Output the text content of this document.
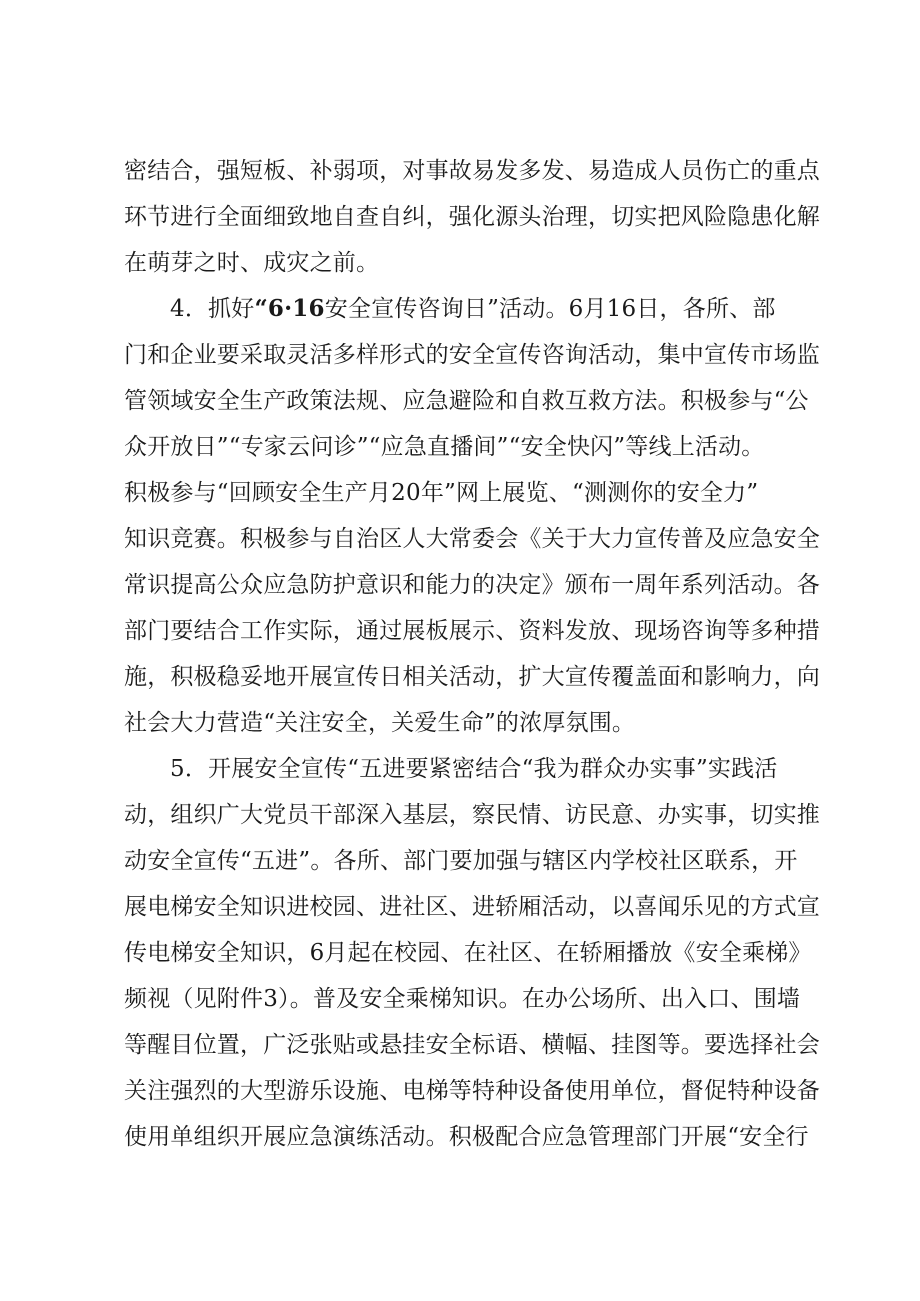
密结合，强短板、补弱项，对事故易发多发、易造成人员伤亡的重点
环节进行全面细致地自查自纠，强化源头治理，切实把风险隐患化解
在萌芽之时、成灾之前。
4．抓好“6·16安全宣传咨询日”活动。6月16日，各所、部
门和企业要采取灵活多样形式的安全宣传咨询活动，集中宣传市场监
管领域安全生产政策法规、应急避险和自救互救方法。积极参与“公
众开放日”“专家云问诊”“应急直播间”“安全快闪”等线上活动。
积极参与“回顾安全生产月20年”网上展览、“测测你的安全力”
知识竞赛。积极参与自治区人大常委会《关于大力宣传普及应急安全
常识提高公众应急防护意识和能力的决定》颁布一周年系列活动。各
部门要结合工作实际，通过展板展示、资料发放、现场咨询等多种措
施，积极稳妥地开展宣传日相关活动，扩大宣传覆盖面和影响力，向
社会大力营造“关注安全，关爱生命”的浓厚氛围。
5．开展安全宣传“五进要紧密结合“我为群众办实事”实践活
动，组织广大党员干部深入基层，察民情、访民意、办实事，切实推
动安全宣传“五进”。各所、部门要加强与辖区内学校社区联系，开
展电梯安全知识进校园、进社区、进轿厢活动，以喜闻乐见的方式宣
传电梯安全知识，6月起在校园、在社区、在轿厢播放《安全乘梯》
频视（见附件3）。普及安全乘梯知识。在办公场所、出入口、围墙
等醒目位置，广泛张贴或悬挂安全标语、横幅、挂图等。要选择社会
关注强烈的大型游乐设施、电梯等特种设备使用单位，督促特种设备
使用单组织开展应急演练活动。积极配合应急管理部门开展“安全行
